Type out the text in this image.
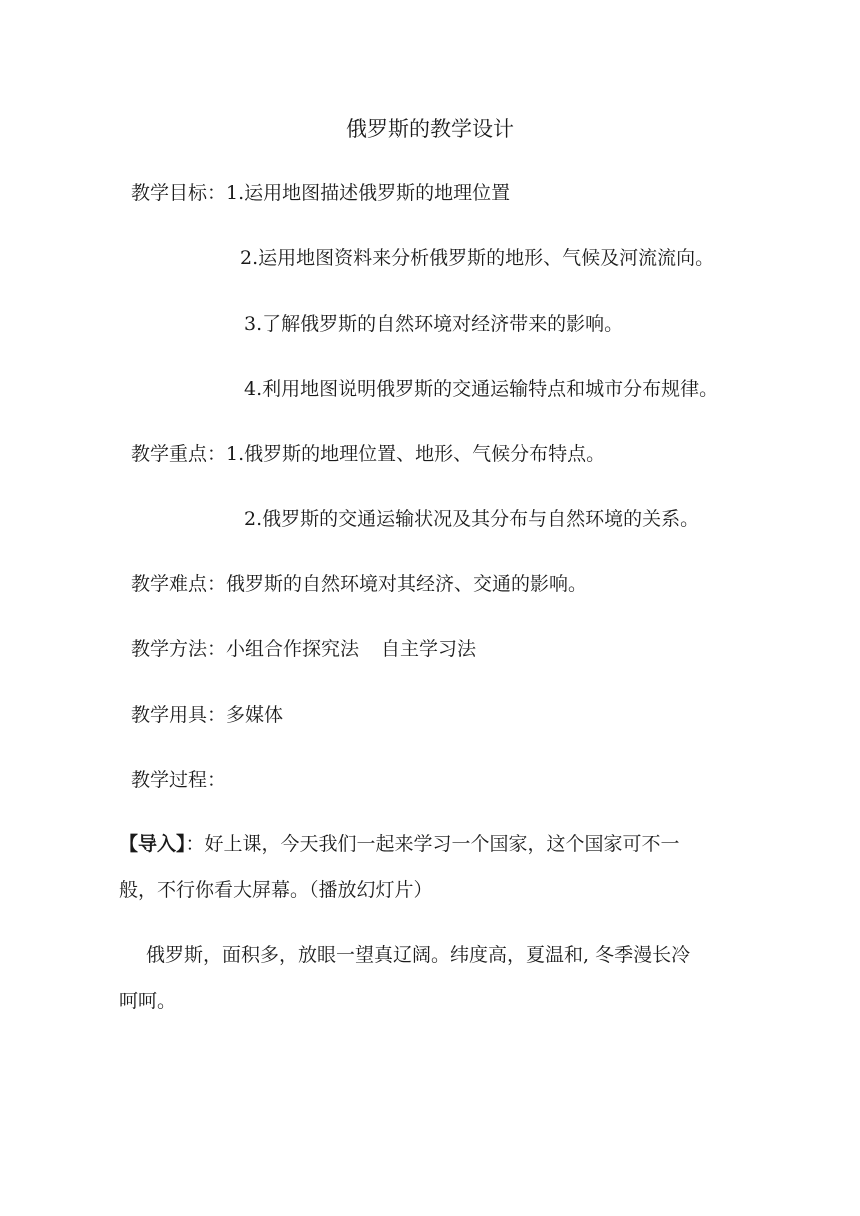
俄罗斯的教学设计
教学目标：1.运用地图描述俄罗斯的地理位置
2.运用地图资料来分析俄罗斯的地形、气候及河流流向。
3.了解俄罗斯的自然环境对经济带来的影响。
4.利用地图说明俄罗斯的交通运输特点和城市分布规律。
教学重点：1.俄罗斯的地理位置、地形、气候分布特点。
2.俄罗斯的交通运输状况及其分布与自然环境的关系。
教学难点：俄罗斯的自然环境对其经济、交通的影响。
教学方法：小组合作探究法 自主学习法
教学用具：多媒体
教学过程：
【导入】：好上课，今天我们一起来学习一个国家，这个国家可不一
般，不行你看大屏幕。（播放幻灯片）
俄罗斯，面积多，放眼一望真辽阔。纬度高，夏温和, 冬季漫长冷
呵呵。
